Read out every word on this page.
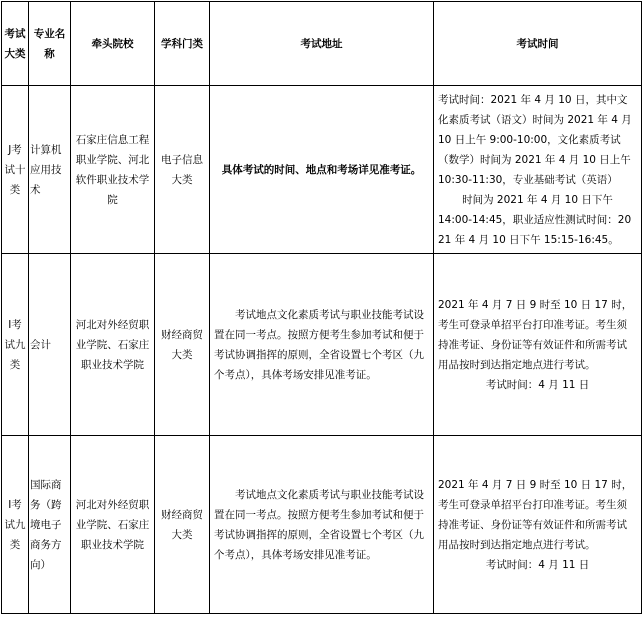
考试大类	专业名称	牵头院校	学科门类	考试地址	考试时间
J考试十类	计算机应用技术	石家庄信息工程职业学院、河北软件职业技术学院	电子信息大类	具体考试的时间、地点和考场详见准考证。	考试时间：2021 年 4 月 10 日，其中文化素质考试（语文）时间为 2021 年 4 月 10 日上午 9:00-10:00，文化素质考试（数学）时间为 2021 年 4 月 10 日上午 10:30-11:30，专业基础考试（英语）

时间为 2021 年 4 月 10 日下午

14:00-14:45，职业适应性测试时间：2021 年 4 月 10 日下午 15:15-16:45。

I考试九类	会计	河北对外经贸职业学院、石家庄职业技术学院	财经商贸大类	考试地点文化素质考试与职业技能考试设置在同一考点。按照方便考生参加考试和便于考试协调指挥的原则，全省设置七个考区（九个考点），具体考场安排见准考证。	2021 年 4 月 7 日 9 时至 10 日 17 时，考生可登录单招平台打印准考证。考生须持准考证、身份证等有效证件和所需考试用品按时到达指定地点进行考试。

考试时间：4 月 11 日

I考试九类	国际商务（跨境电子商务方向）	河北对外经贸职业学院、石家庄职业技术学院	财经商贸大类	考试地点文化素质考试与职业技能考试设置在同一考点。按照方便考生参加考试和便于考试协调指挥的原则，全省设置七个考区（九个考点），具体考场安排见准考证。	2021 年 4 月 7 日 9 时至 10 日 17 时，考生可登录单招平台打印准考证。考生须持准考证、身份证等有效证件和所需考试用品按时到达指定地点进行考试。

考试时间：4 月 11 日
